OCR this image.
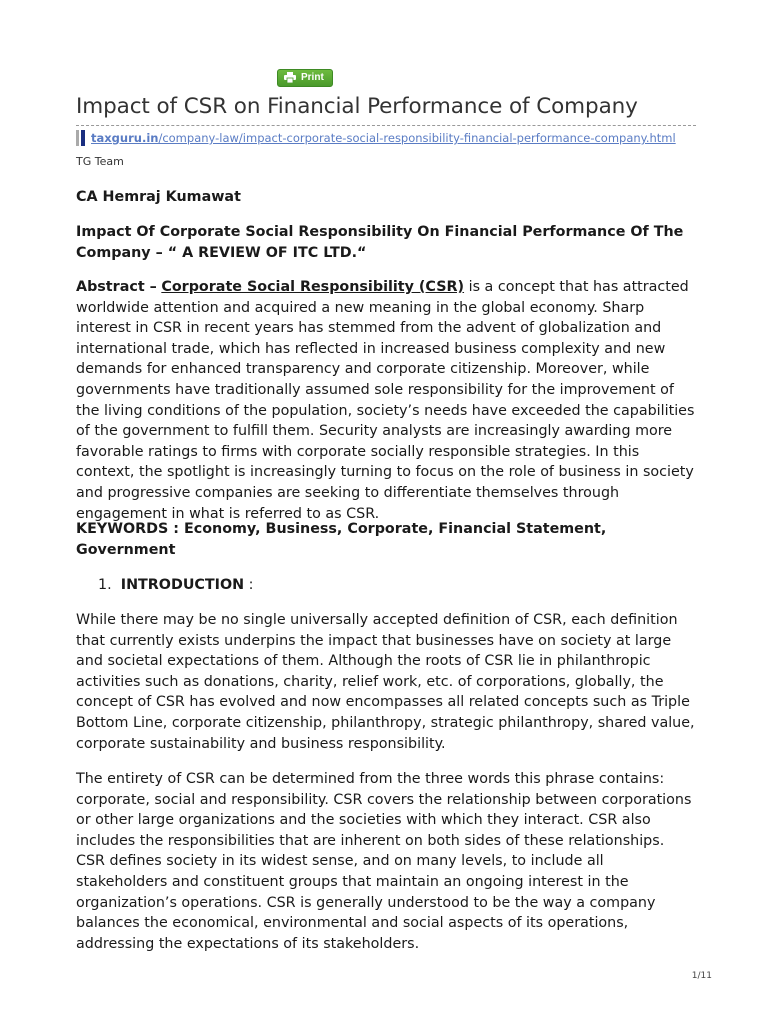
Print
Impact of CSR on Financial Performance of Company
taxguru.in/company-law/impact-corporate-social-responsibility-financial-performance-company.html
TG Team

CA Hemraj Kumawat

Impact Of Corporate Social Responsibility On Financial Performance Of The Company – “ A REVIEW OF ITC LTD.“

Abstract – Corporate Social Responsibility (CSR) is a concept that has attracted worldwide attention and acquired a new meaning in the global economy. Sharp interest in CSR in recent years has stemmed from the advent of globalization and international trade, which has reflected in increased business complexity and new demands for enhanced transparency and corporate citizenship. Moreover, while governments have traditionally assumed sole responsibility for the improvement of the living conditions of the population, society’s needs have exceeded the capabilities of the government to fulfill them. Security analysts are increasingly awarding more favorable ratings to firms with corporate socially responsible strategies. In this context, the spotlight is increasingly turning to focus on the role of business in society and progressive companies are seeking to differentiate themselves through engagement in what is referred to as CSR.

KEYWORDS : Economy, Business, Corporate, Financial Statement,
Government

1. INTRODUCTION :

While there may be no single universally accepted definition of CSR, each definition that currently exists underpins the impact that businesses have on society at large and societal expectations of them. Although the roots of CSR lie in philanthropic activities such as donations, charity, relief work, etc. of corporations, globally, the concept of CSR has evolved and now encompasses all related concepts such as Triple Bottom Line, corporate citizenship, philanthropy, strategic philanthropy, shared value, corporate sustainability and business responsibility.

The entirety of CSR can be determined from the three words this phrase contains: corporate, social and responsibility. CSR covers the relationship between corporations or other large organizations and the societies with which they interact. CSR also includes the responsibilities that are inherent on both sides of these relationships. CSR defines society in its widest sense, and on many levels, to include all stakeholders and constituent groups that maintain an ongoing interest in the organization’s operations. CSR is generally understood to be the way a company balances the economical, environmental and social aspects of its operations, addressing the expectations of its stakeholders.

1/11
